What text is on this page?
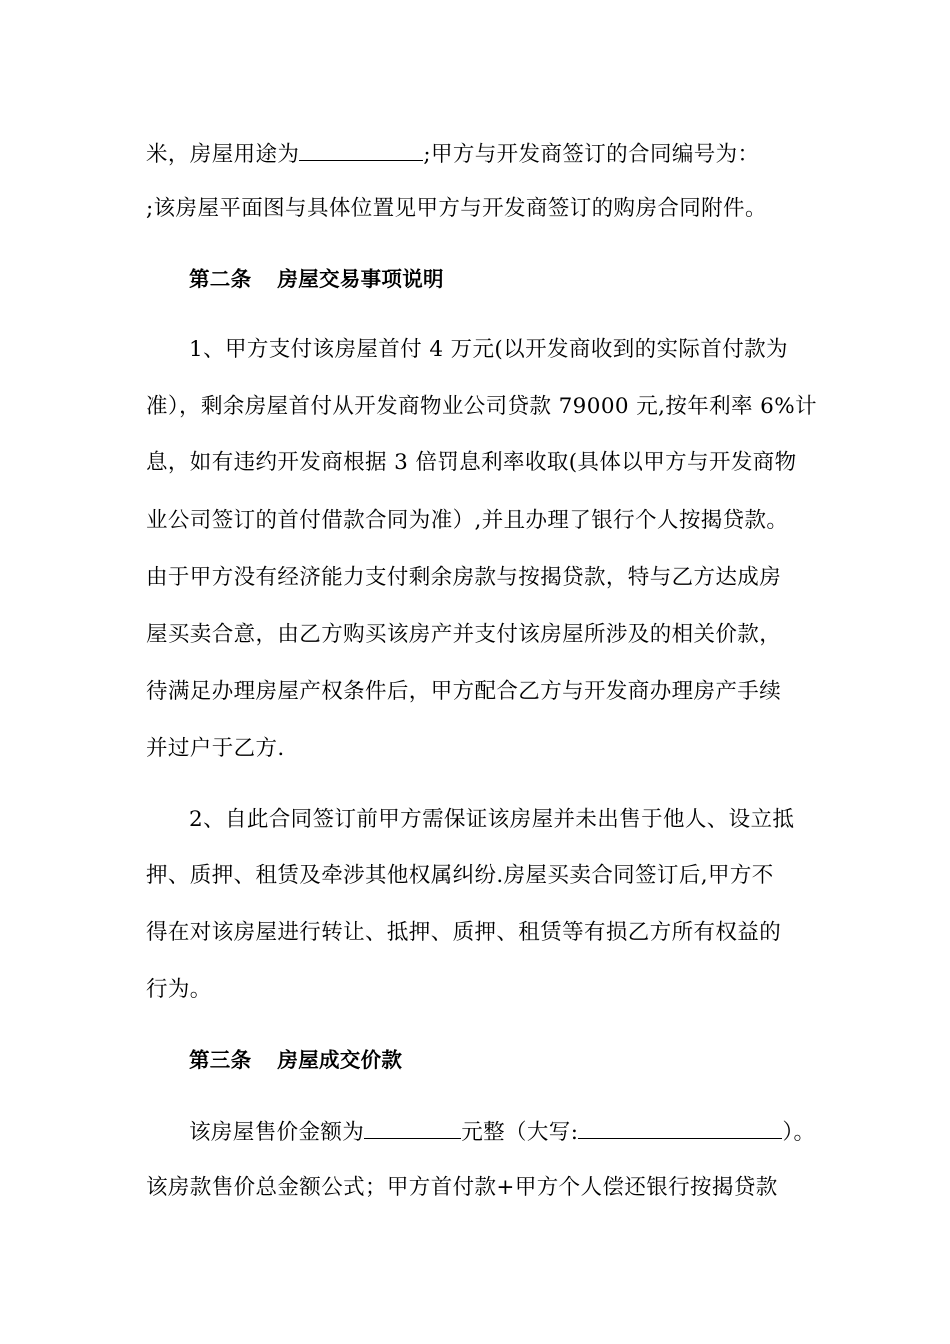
米，房屋用途为	;甲方与开发商签订的合同编号为：
;该房屋平面图与具体位置见甲方与开发商签订的购房合同附件。
第二条 房屋交易事项说明
1、甲方支付该房屋首付 4 万元(以开发商收到的实际首付款为
准），剩余房屋首付从开发商物业公司贷款 79000 元,按年利率 6%计
息，如有违约开发商根据 3 倍罚息利率收取(具体以甲方与开发商物
业公司签订的首付借款合同为准）,并且办理了银行个人按揭贷款。
由于甲方没有经济能力支付剩余房款与按揭贷款，特与乙方达成房
屋买卖合意，由乙方购买该房产并支付该房屋所涉及的相关价款，
待满足办理房屋产权条件后，甲方配合乙方与开发商办理房产手续
并过户于乙方.
2、自此合同签订前甲方需保证该房屋并未出售于他人、设立抵
押、质押、租赁及牵涉其他权属纠纷.房屋买卖合同签订后,甲方不
得在对该房屋进行转让、抵押、质押、租赁等有损乙方所有权益的
行为。
第三条 房屋成交价款
该房屋售价金额为	元整（大写:	）。
该房款售价总金额公式；甲方首付款+甲方个人偿还银行按揭贷款
